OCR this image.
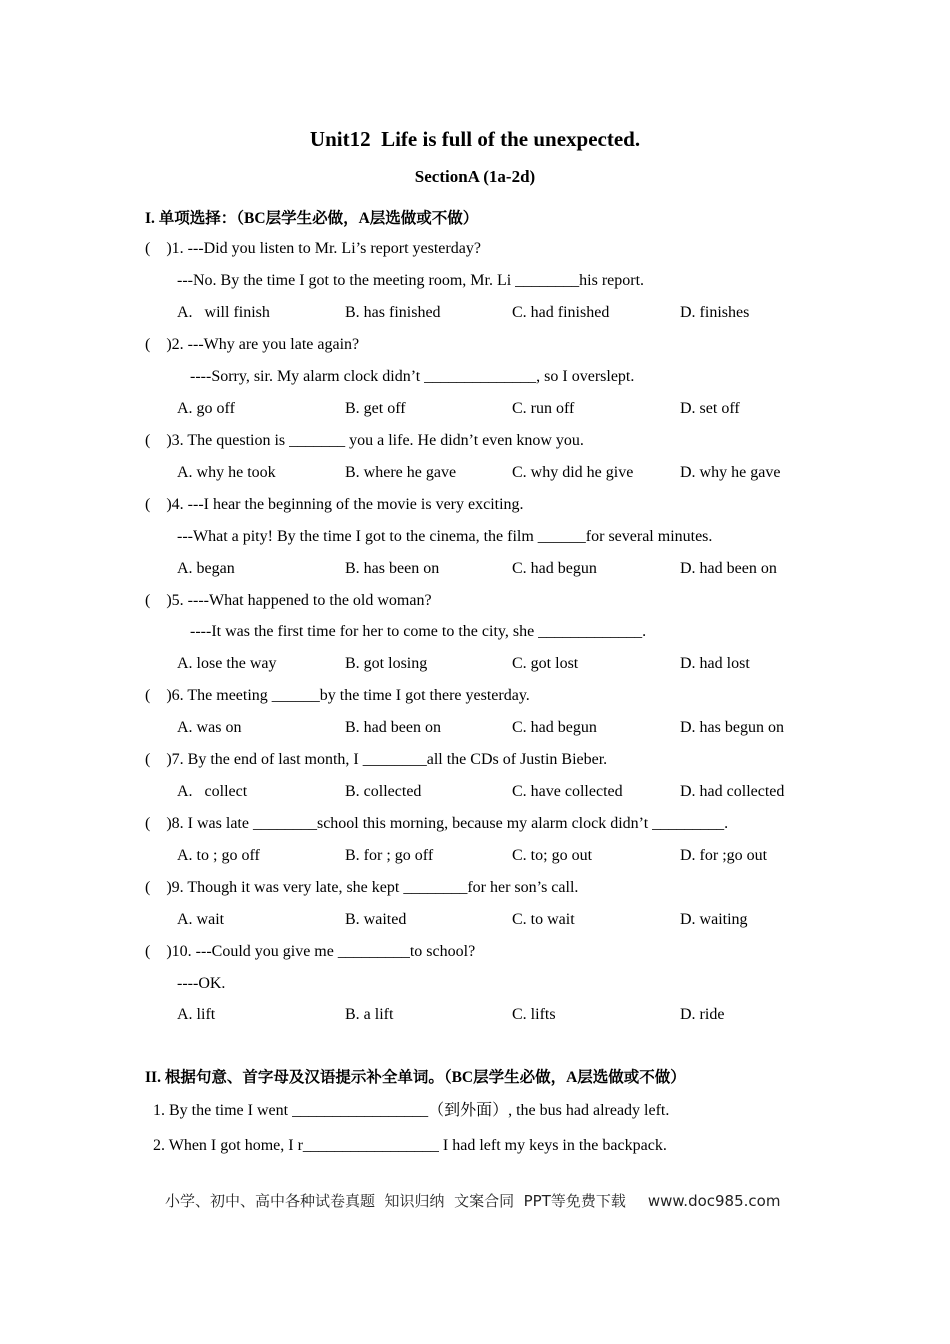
Unit12  Life is full of the unexpected.
SectionA (1a-2d)
I. 单项选择：（BC层学生必做，A层选做或不做）
(    )1. ---Did you listen to Mr. Li’s report yesterday?
---No. By the time I got to the meeting room, Mr. Li ________his report.
A.   will finish	B. has finished	C. had finished	D. finishes
(    )2. ---Why are you late again?
----Sorry, sir. My alarm clock didn’t ______________, so I overslept.
A. go off	B. get off	C. run off	D. set off
(    )3. The question is _______ you a life. He didn’t even know you.
A. why he took	B. where he gave	C. why did he give	D. why he gave
(    )4. ---I hear the beginning of the movie is very exciting.
---What a pity! By the time I got to the cinema, the film ______for several minutes.
A. began	B. has been on	C. had begun	D. had been on
(    )5. ----What happened to the old woman?
----It was the first time for her to come to the city, she _____________.
A. lose the way	B. got losing	C. got lost	D. had lost
(    )6. The meeting ______by the time I got there yesterday.
A. was on	B. had been on	C. had begun	D. has begun on
(    )7. By the end of last month, I ________all the CDs of Justin Bieber.
A.   collect	B. collected	C. have collected	D. had collected
(    )8. I was late ________school this morning, because my alarm clock didn’t _________.
A. to ; go off	B. for ; go off	C. to; go out	D. for ;go out
(    )9. Though it was very late, she kept ________for her son’s call.
A. wait	B. waited	C. to wait	D. waiting
(    )10. ---Could you give me _________to school?
----OK.
A. lift	B. a lift	C. lifts	D. ride
II. 根据句意、首字母及汉语提示补全单词。（BC层学生必做，A层选做或不做）
1. By the time I went _________________（到外面）, the bus had already left.
2. When I got home, I r_________________ I had left my keys in the backpack.
小学、初中、高中各种试卷真题  知识归纳  文案合同  PPT等免费下载 www.doc985.com
